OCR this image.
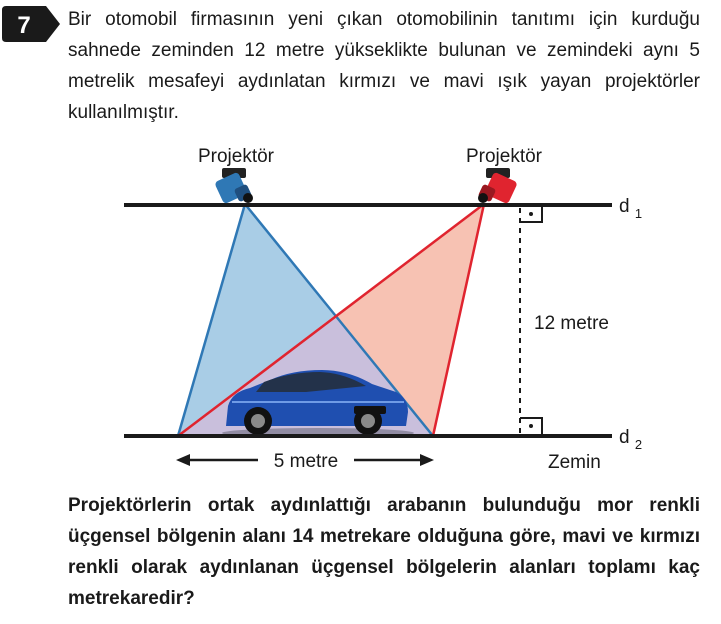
7 Bir otomobil firmasının yeni çıkan otomobilinin tanıtımı için kurduğu sahnede zeminden 12 metre yükseklikte bulunan ve zemindeki aynı 5 metrelik mesafeyi aydınlatan kırmızı ve mavi ışık yayan projektörler kullanılmıştır.

Projektör	Projektör
d $_1$
d $_2$
12 metre
5 metre	Zemin

Projektörlerin ortak aydınlattığı arabanın bulunduğu mor renkli üçgensel bölgenin alanı 14 metrekare olduğuna göre, mavi ve kırmızı renkli olarak aydınlanan üçgensel bölgelerin alanları toplamı kaç metrekaredir?
